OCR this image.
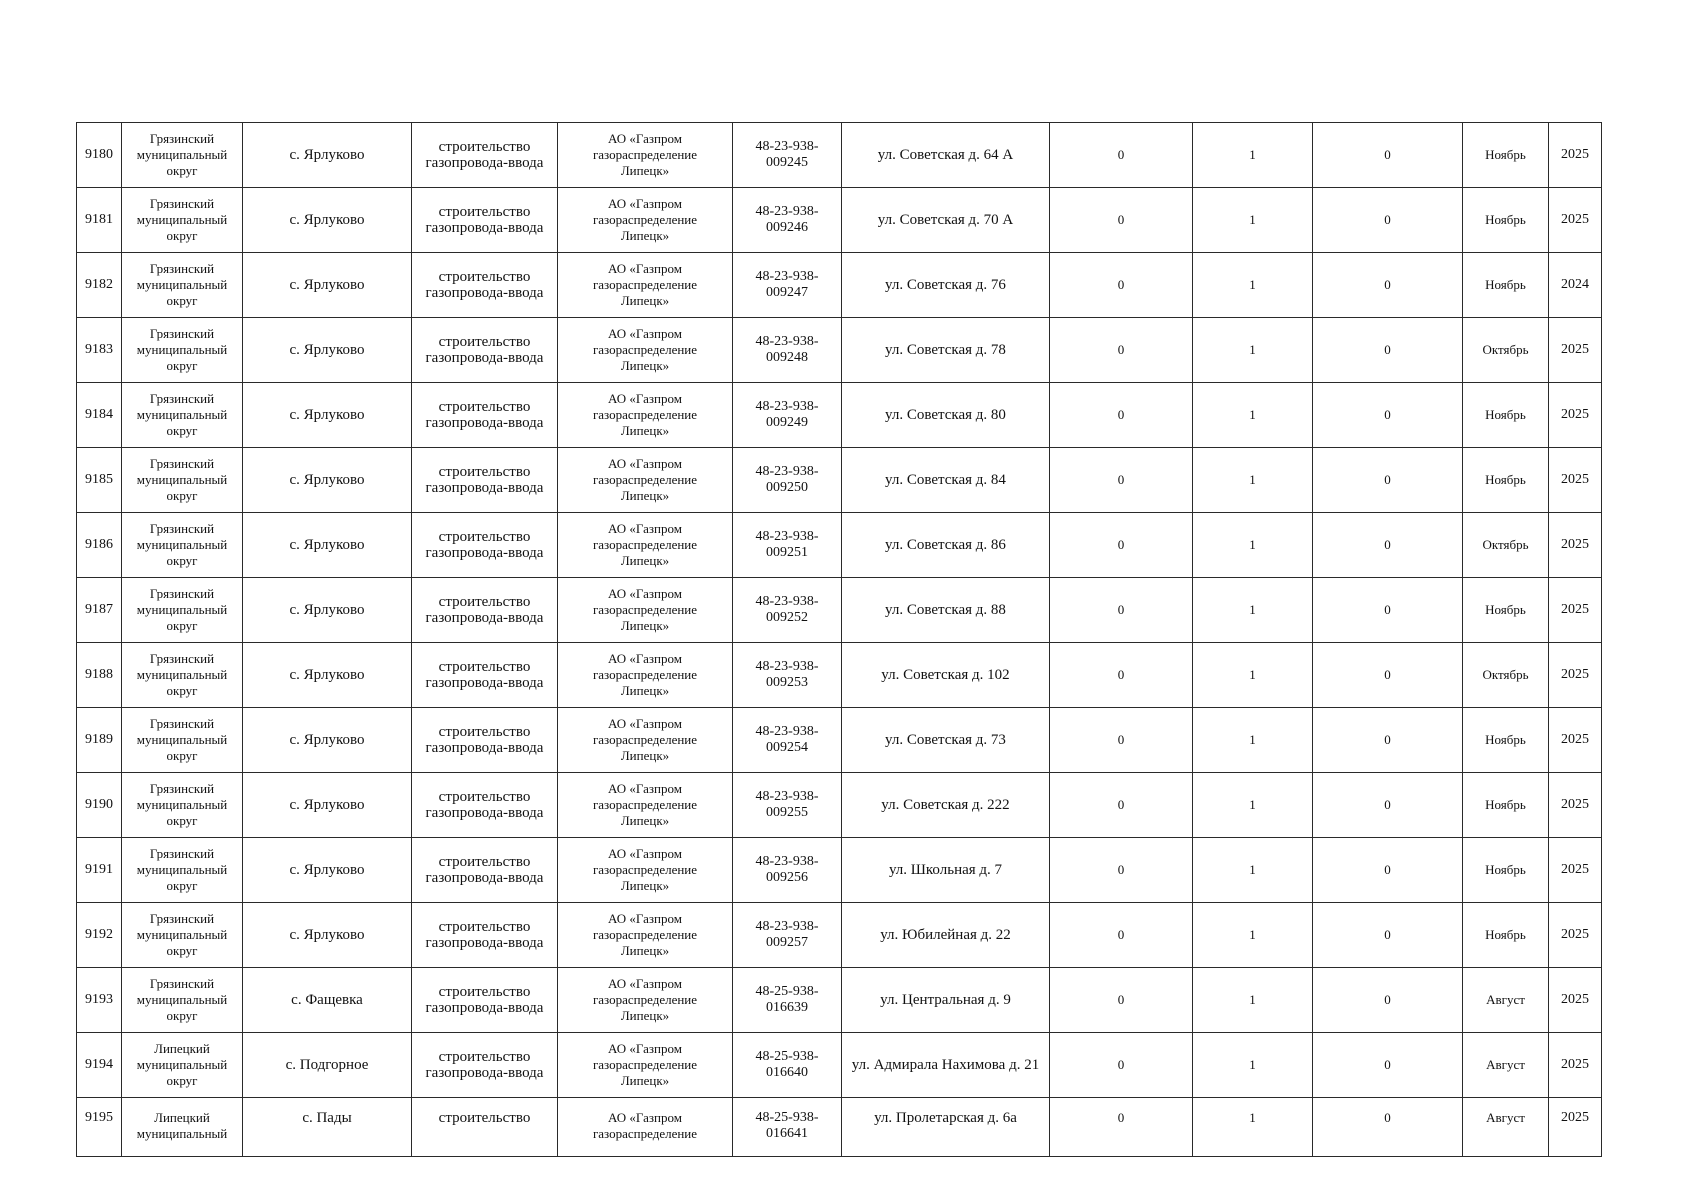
9180	Грязинский
муниципальный
округ	с. Ярлуково	строительство
газопровода-ввода	АО «Газпром
газораспределение
Липецк»	48-23-938-
009245	ул. Советская д. 64 А	0	1	0	Ноябрь	2025
9181	Грязинский
муниципальный
округ	с. Ярлуково	строительство
газопровода-ввода	АО «Газпром
газораспределение
Липецк»	48-23-938-
009246	ул. Советская д. 70 А	0	1	0	Ноябрь	2025
9182	Грязинский
муниципальный
округ	с. Ярлуково	строительство
газопровода-ввода	АО «Газпром
газораспределение
Липецк»	48-23-938-
009247	ул. Советская д. 76	0	1	0	Ноябрь	2024
9183	Грязинский
муниципальный
округ	с. Ярлуково	строительство
газопровода-ввода	АО «Газпром
газораспределение
Липецк»	48-23-938-
009248	ул. Советская д. 78	0	1	0	Октябрь	2025
9184	Грязинский
муниципальный
округ	с. Ярлуково	строительство
газопровода-ввода	АО «Газпром
газораспределение
Липецк»	48-23-938-
009249	ул. Советская д. 80	0	1	0	Ноябрь	2025
9185	Грязинский
муниципальный
округ	с. Ярлуково	строительство
газопровода-ввода	АО «Газпром
газораспределение
Липецк»	48-23-938-
009250	ул. Советская д. 84	0	1	0	Ноябрь	2025
9186	Грязинский
муниципальный
округ	с. Ярлуково	строительство
газопровода-ввода	АО «Газпром
газораспределение
Липецк»	48-23-938-
009251	ул. Советская д. 86	0	1	0	Октябрь	2025
9187	Грязинский
муниципальный
округ	с. Ярлуково	строительство
газопровода-ввода	АО «Газпром
газораспределение
Липецк»	48-23-938-
009252	ул. Советская д. 88	0	1	0	Ноябрь	2025
9188	Грязинский
муниципальный
округ	с. Ярлуково	строительство
газопровода-ввода	АО «Газпром
газораспределение
Липецк»	48-23-938-
009253	ул. Советская д. 102	0	1	0	Октябрь	2025
9189	Грязинский
муниципальный
округ	с. Ярлуково	строительство
газопровода-ввода	АО «Газпром
газораспределение
Липецк»	48-23-938-
009254	ул. Советская д. 73	0	1	0	Ноябрь	2025
9190	Грязинский
муниципальный
округ	с. Ярлуково	строительство
газопровода-ввода	АО «Газпром
газораспределение
Липецк»	48-23-938-
009255	ул. Советская д. 222	0	1	0	Ноябрь	2025
9191	Грязинский
муниципальный
округ	с. Ярлуково	строительство
газопровода-ввода	АО «Газпром
газораспределение
Липецк»	48-23-938-
009256	ул. Школьная д. 7	0	1	0	Ноябрь	2025
9192	Грязинский
муниципальный
округ	с. Ярлуково	строительство
газопровода-ввода	АО «Газпром
газораспределение
Липецк»	48-23-938-
009257	ул. Юбилейная д. 22	0	1	0	Ноябрь	2025
9193	Грязинский
муниципальный
округ	с. Фащевка	строительство
газопровода-ввода	АО «Газпром
газораспределение
Липецк»	48-25-938-
016639	ул. Центральная д. 9	0	1	0	Август	2025
9194	Липецкий
муниципальный
округ	с. Подгорное	строительство
газопровода-ввода	АО «Газпром
газораспределение
Липецк»	48-25-938-
016640	ул. Адмирала Нахимова д. 21	0	1	0	Август	2025
9195	Липецкий
муниципальный	с. Пады	строительство	АО «Газпром
газораспределение	48-25-938-
016641	ул. Пролетарская д. 6а	0	1	0	Август	2025
